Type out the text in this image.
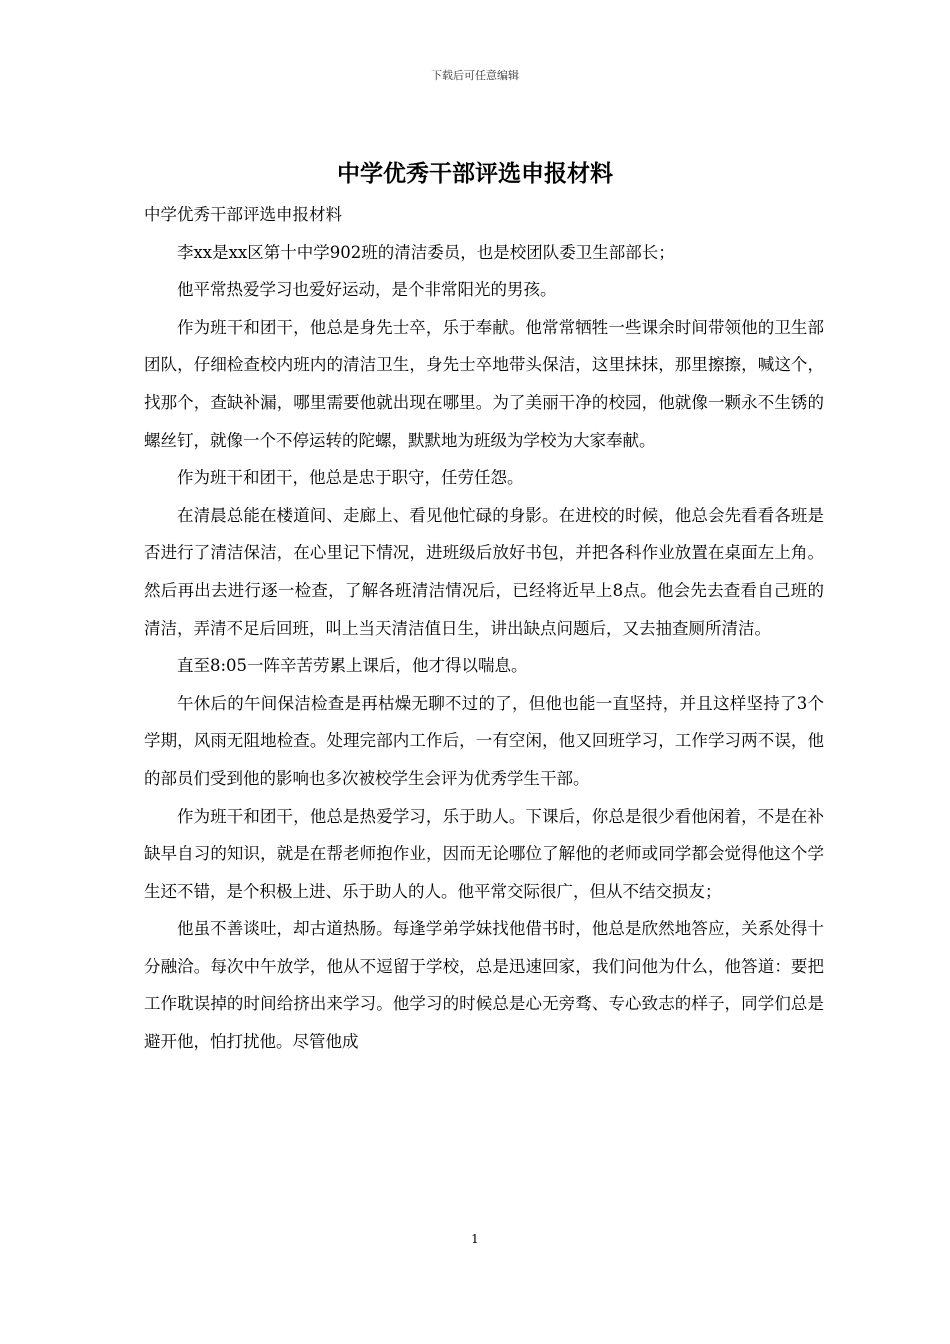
下载后可任意编辑
中学优秀干部评选申报材料

中学优秀干部评选申报材料

李xx是xx区第十中学902班的清洁委员，也是校团队委卫生部部长；

他平常热爱学习也爱好运动，是个非常阳光的男孩。

作为班干和团干，他总是身先士卒，乐于奉献。他常常牺牲一些课余时间带领他的卫生部团队，仔细检查校内班内的清洁卫生，身先士卒地带头保洁，这里抹抹，那里擦擦，喊这个，找那个，查缺补漏，哪里需要他就出现在哪里。为了美丽干净的校园，他就像一颗永不生锈的螺丝钉，就像一个不停运转的陀螺，默默地为班级为学校为大家奉献。

作为班干和团干，他总是忠于职守，任劳任怨。

在清晨总能在楼道间、走廊上、看见他忙碌的身影。在进校的时候，他总会先看看各班是否进行了清洁保洁，在心里记下情况，进班级后放好书包，并把各科作业放置在桌面左上角。然后再出去进行逐一检查，了解各班清洁情况后，已经将近早上8点。他会先去查看自己班的清洁，弄清不足后回班，叫上当天清洁值日生，讲出缺点问题后，又去抽查厕所清洁。

直至8:05一阵辛苦劳累上课后，他才得以喘息。

午休后的午间保洁检查是再枯燥无聊不过的了，但他也能一直坚持，并且这样坚持了3个学期，风雨无阻地检查。处理完部内工作后，一有空闲，他又回班学习，工作学习两不误，他的部员们受到他的影响也多次被校学生会评为优秀学生干部。

作为班干和团干，他总是热爱学习，乐于助人。下课后，你总是很少看他闲着，不是在补缺早自习的知识，就是在帮老师抱作业，因而无论哪位了解他的老师或同学都会觉得他这个学生还不错，是个积极上进、乐于助人的人。他平常交际很广，但从不结交损友；

他虽不善谈吐，却古道热肠。每逢学弟学妹找他借书时，他总是欣然地答应，关系处得十分融洽。每次中午放学，他从不逗留于学校，总是迅速回家，我们问他为什么，他答道：要把工作耽误掉的时间给挤出来学习。他学习的时候总是心无旁骛、专心致志的样子，同学们总是避开他，怕打扰他。尽管他成

1
